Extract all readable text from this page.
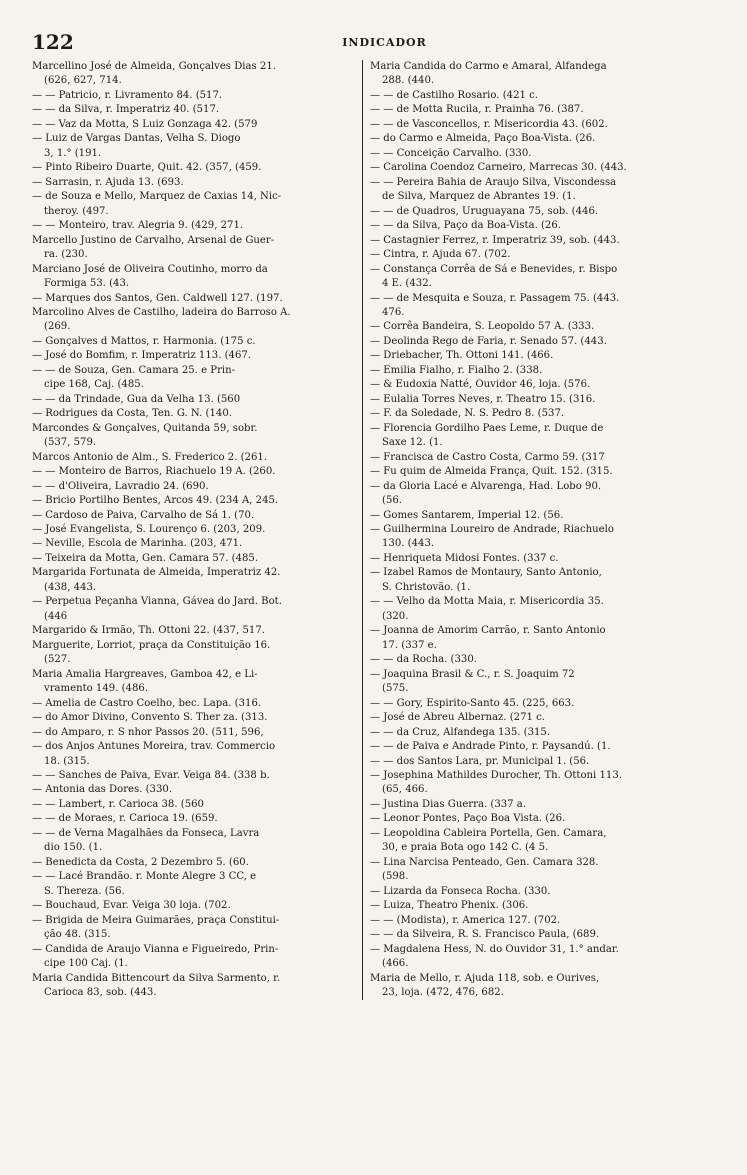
122	INDICADOR
Marcellino José de Almeida, Gonçalves Dias 21.
(626, 627, 714.
— — Patricio, r. Livramento 84. (517.
— — da Silva, r. Imperatriz 40. (517.
— — Vaz da Motta, S Luiz Gonzaga 42. (579
— Luiz de Vargas Dantas, Velha S. Diogo
3, 1.° (191.
— Pinto Ribeiro Duarte, Quit. 42. (357, (459.
— Sarrasin, r. Ajuda 13. (693.
— de Souza e Mello, Marquez de Caxias 14, Nic-
theroy. (497.
— — Monteiro, trav. Alegria 9. (429, 271.
Marcello Justino de Carvalho, Arsenal de Guer-
ra. (230.
Marciano José de Oliveira Coutinho, morro da
Formiga 53. (43.
— Marques dos Santos, Gen. Caldwell 127. (197.
Marcolino Alves de Castilho, ladeira do Barroso A.
(269.
— Gonçalves d Mattos, r. Harmonia. (175 c.
— José do Bomfim, r. Imperatriz 113. (467.
— — de Souza, Gen. Camara 25. e Prin-
cipe 168, Caj. (485.
— — da Trindade, Gua da Velha 13. (560
— Rodrigues da Costa, Ten. G. N. (140.
Marcondes & Gonçalves, Quitanda 59, sobr.
(537, 579.
Marcos Antonio de Alm., S. Frederico 2. (261.
— — Monteiro de Barros, Riachuelo 19 A. (260.
— — d'Oliveira, Lavradio 24. (690.
— Bricio Portilho Bentes, Arcos 49. (234 A, 245.
— Cardoso de Paiva, Carvalho de Sá 1. (70.
— José Evangelista, S. Lourenço 6. (203, 209.
— Neville, Escola de Marinha. (203, 471.
— Teixeira da Motta, Gen. Camara 57. (485.
Margarida Fortunata de Almeida, Imperatriz 42.
(438, 443.
— Perpetua Peçanha Vianna, Gávea do Jard. Bot.
(446
Margarido & Irmão, Th. Ottoni 22. (437, 517.
Marguerite, Lorriot, praça da Constituição 16.
(527.
Maria Amalia Hargreaves, Gamboa 42, e Li-
vramento 149. (486.
— Amelia de Castro Coelho, bec. Lapa. (316.
— do Amor Divino, Convento S. Ther za. (313.
— do Amparo, r. S nhor Passos 20. (511, 596,
— dos Anjos Antunes Moreira, trav. Commercio
18. (315.
— — Sanches de Paiva, Evar. Veiga 84. (338 b.
— Antonia das Dores. (330.
— — Lambert, r. Carioca 38. (560
— — de Moraes, r. Carioca 19. (659.
— — de Verna Magalhães da Fonseca, Lavra
dio 150. (1.
— Benedicta da Costa, 2 Dezembro 5. (60.
— — Lacé Brandão. r. Monte Alegre 3 CC, e
S. Thereza. (56.
— Bouchaud, Evar. Veiga 30 loja. (702.
— Brigida de Meira Guimarães, praça Constitui-
ção 48. (315.
— Candida de Araujo Vianna e Figueiredo, Prin-
cipe 100 Caj. (1.
Maria Candida Bittencourt da Silva Sarmento, r.
Carioca 83, sob. (443.
Maria Candida do Carmo e Amaral, Alfandega
288. (440.
— — de Castilho Rosario. (421 c.
— — de Motta Rucila, r. Prainha 76. (387.
— — de Vasconcellos, r. Misericordia 43. (602.
— do Carmo e Almeida, Paço Boa-Vista. (26.
— — Conceição Carvalho. (330.
— Carolina Coendoz Carneiro, Marrecas 30. (443.
— — Pereira Bahia de Araujo Silva, Viscondessa
de Silva, Marquez de Abrantes 19. (1.
— — de Quadros, Uruguayana 75, sob. (446.
— — da Silva, Paço da Boa-Vista. (26.
— Castagnier Ferrez, r. Imperatriz 39, sob. (443.
— Cintra, r. Ajuda 67. (702.
— Constança Corrêa de Sá e Benevides, r. Bispo
4 E. (432.
— — de Mesquita e Souza, r. Passagem 75. (443.
476.
— Corrêa Bandeira, S. Leopoldo 57 A. (333.
— Deolinda Rego de Faria, r. Senado 57. (443.
— Driebacher, Th. Ottoni 141. (466.
— Emilia Fialho, r. Fialho 2. (338.
— & Eudoxia Natté, Ouvidor 46, loja. (576.
— Eulalia Torres Neves, r. Theatro 15. (316.
— F. da Soledade, N. S. Pedro 8. (537.
— Florencia Gordilho Paes Leme, r. Duque de
Saxe 12. (1.
— Francisca de Castro Costa, Carmo 59. (317
— Fu quim de Almeida França, Quit. 152. (315.
— da Gloria Lacé e Alvarenga, Had. Lobo 90.
(56.
— Gomes Santarem, Imperial 12. (56.
— Guilhermina Loureiro de Andrade, Riachuelo
130. (443.
— Henriqueta Midosi Fontes. (337 c.
— Izabel Ramos de Montaury, Santo Antonio,
S. Christovão. (1.
— — Velho da Motta Maia, r. Misericordia 35.
(320.
— Joanna de Amorim Carrão, r. Santo Antonio
17. (337 e.
— — da Rocha. (330.
— Joaquina Brasil & C., r. S. Joaquim 72
(575.
— — Gory, Espirito-Santo 45. (225, 663.
— José de Abreu Albernaz. (271 c.
— — da Cruz, Alfandega 135. (315.
— — de Paiva e Andrade Pinto, r. Paysandú. (1.
— — dos Santos Lara, pr. Municipal 1. (56.
— Josephina Mathildes Durocher, Th. Ottoni 113.
(65, 466.
— Justina Dias Guerra. (337 a.
— Leonor Pontes, Paço Boa Vista. (26.
— Leopoldina Cableira Portella, Gen. Camara,
30, e praia Bota ogo 142 C. (4 5.
— Lina Narcisa Penteado, Gen. Camara 328.
(598.
— Lizarda da Fonseca Rocha. (330.
— Luiza, Theatro Phenix. (306.
— — (Modista), r. America 127. (702.
— — da Silveira, R. S. Francisco Paula, (689.
— Magdalena Hess, N. do Ouvidor 31, 1.° andar.
(466.
Maria de Mello, r. Ajuda 118, sob. e Ourives,
23, loja. (472, 476, 682.
